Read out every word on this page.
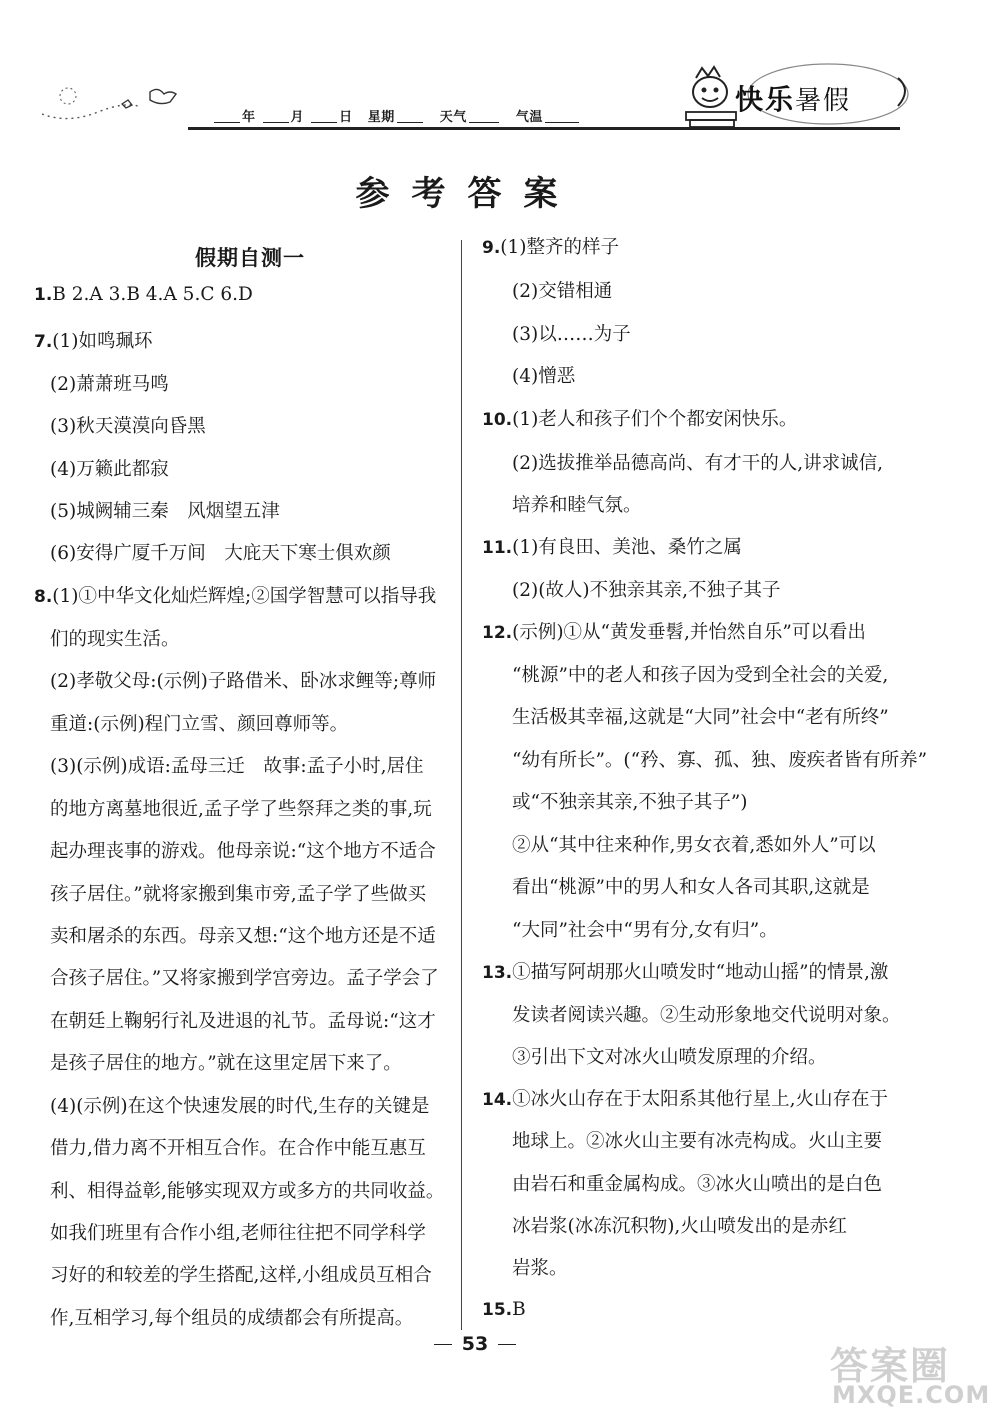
年	月	日 星期	天气	气温
快乐暑假
参考答案
假期自测一
1.B 2.A 3.B 4.A 5.C 6.D
7.(1)如鸣珮环
(2)萧萧班马鸣
(3)秋天漠漠向昏黑
(4)万籁此都寂
(5)城阙辅三秦　风烟望五津
(6)安得广厦千万间　大庇天下寒士俱欢颜
8.(1)①中华文化灿烂辉煌;②国学智慧可以指导我
们的现实生活。
(2)孝敬父母:(示例)子路借米、卧冰求鲤等;尊师
重道:(示例)程门立雪、颜回尊师等。
(3)(示例)成语:孟母三迁　故事:孟子小时,居住
的地方离墓地很近,孟子学了些祭拜之类的事,玩
起办理丧事的游戏。他母亲说:“这个地方不适合
孩子居住。”就将家搬到集市旁,孟子学了些做买
卖和屠杀的东西。母亲又想:“这个地方还是不适
合孩子居住。”又将家搬到学宫旁边。孟子学会了
在朝廷上鞠躬行礼及进退的礼节。孟母说:“这才
是孩子居住的地方。”就在这里定居下来了。
(4)(示例)在这个快速发展的时代,生存的关键是
借力,借力离不开相互合作。在合作中能互惠互
利、相得益彰,能够实现双方或多方的共同收益。
如我们班里有合作小组,老师往往把不同学科学
习好的和较差的学生搭配,这样,小组成员互相合
作,互相学习,每个组员的成绩都会有所提高。
9.(1)整齐的样子
(2)交错相通
(3)以……为子
(4)憎恶
10.(1)老人和孩子们个个都安闲快乐。
(2)选拔推举品德高尚、有才干的人,讲求诚信,
培养和睦气氛。
11.(1)有良田、美池、桑竹之属
(2)(故人)不独亲其亲,不独子其子
12.(示例)①从“黄发垂髫,并怡然自乐”可以看出
“桃源”中的老人和孩子因为受到全社会的关爱,
生活极其幸福,这就是“大同”社会中“老有所终”
“幼有所长”。(“矜、寡、孤、独、废疾者皆有所养”
或“不独亲其亲,不独子其子”)
②从“其中往来种作,男女衣着,悉如外人”可以
看出“桃源”中的男人和女人各司其职,这就是
“大同”社会中“男有分,女有归”。
13.①描写阿胡那火山喷发时“地动山摇”的情景,激
发读者阅读兴趣。②生动形象地交代说明对象。
③引出下文对冰火山喷发原理的介绍。
14.①冰火山存在于太阳系其他行星上,火山存在于
地球上。②冰火山主要有冰壳构成。火山主要
由岩石和重金属构成。③冰火山喷出的是白色
冰岩浆(冰冻沉积物),火山喷发出的是赤红
岩浆。
15.B
53	答案圈
MXQE.COM
